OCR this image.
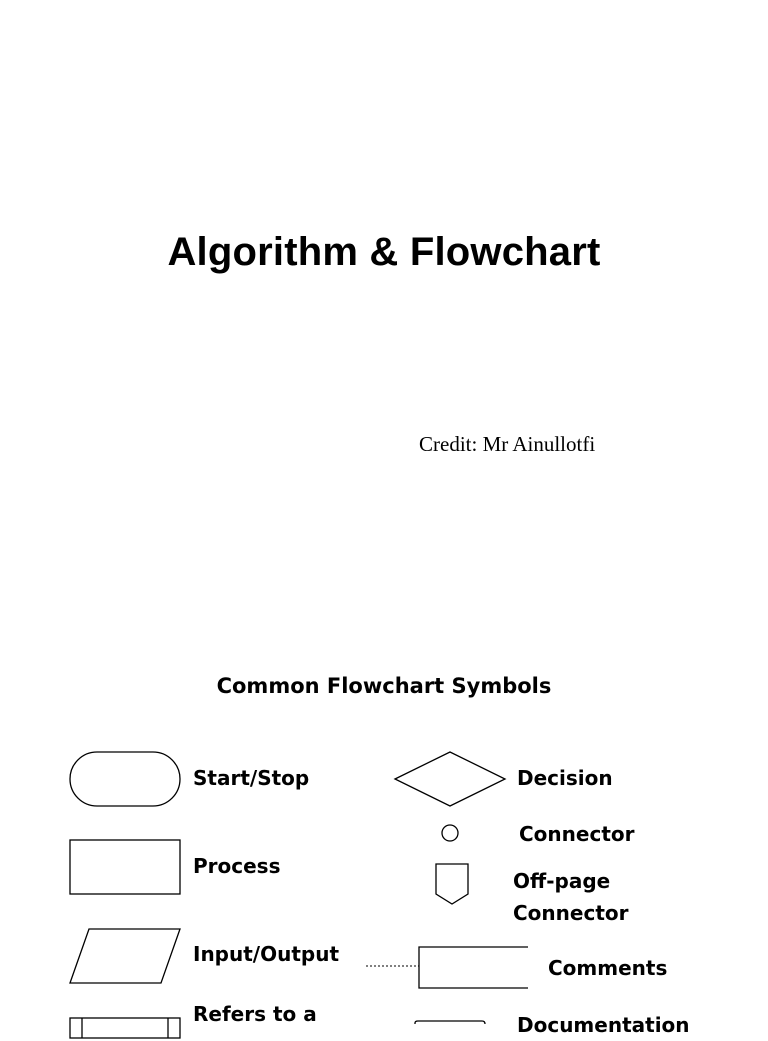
Algorithm & Flowchart
Credit: Mr Ainullotfi
Common Flowchart Symbols
Start/Stop
Process
Input/Output
Refers to a
Decision
Connector
Off-page
Connector
Comments
Documentation
